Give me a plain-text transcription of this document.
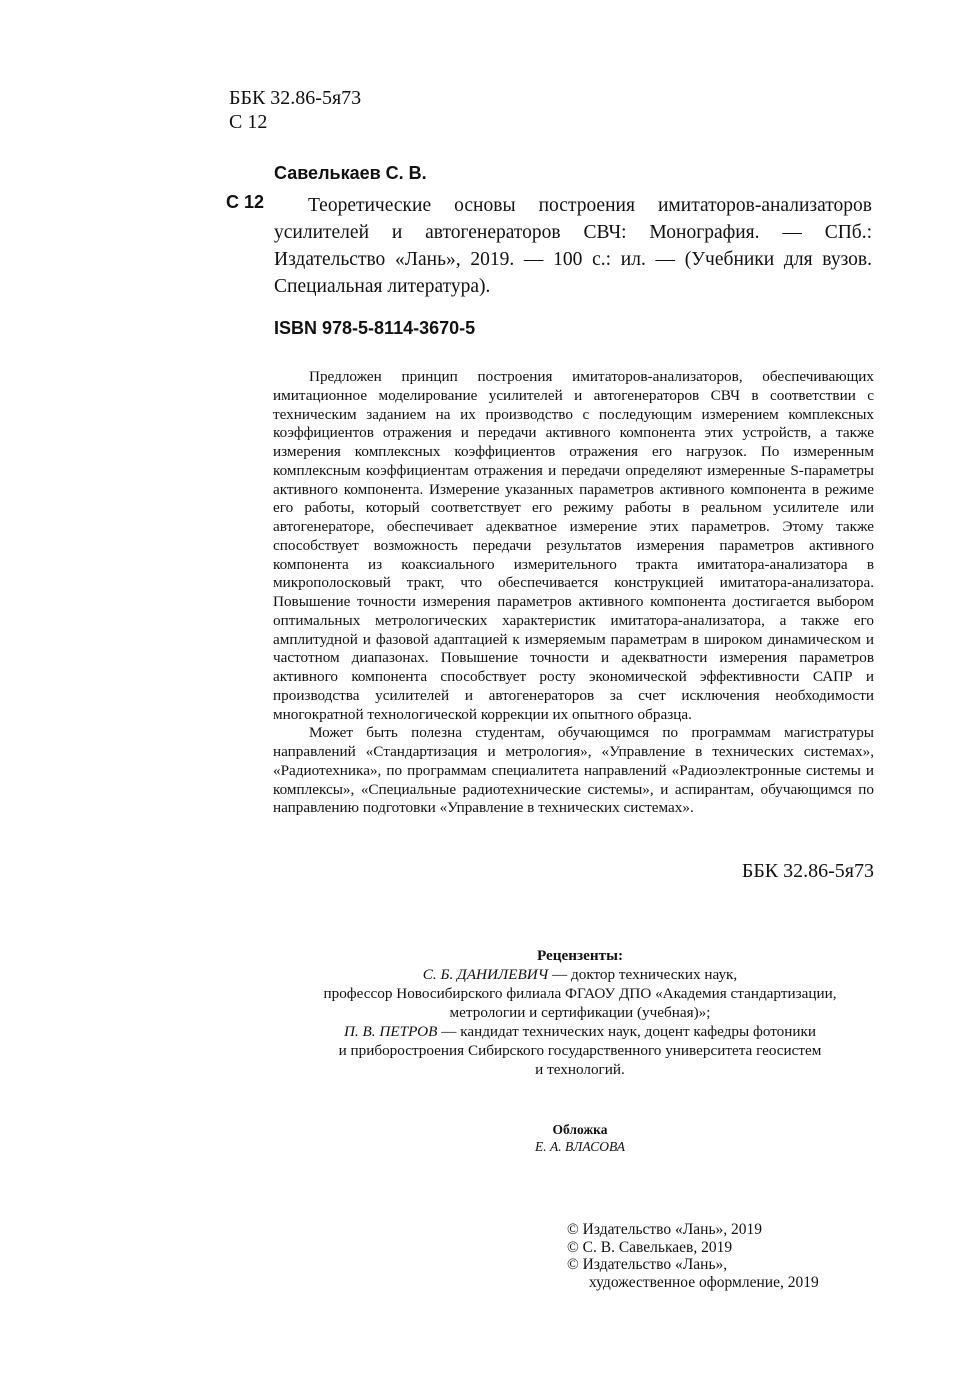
ББК 32.86-5я73
С 12
Савелькаев С. В.
С 12	Теоретические основы построения имитаторов-анализаторов усилителей и автогенераторов СВЧ: Монография. — СПб.: Издательство «Лань», 2019. — 100 с.: ил. — (Учебники для вузов. Специальная литература).
ISBN 978-5-8114-3670-5

Предложен принцип построения имитаторов-анализаторов, обеспечивающих имитационное моделирование усилителей и автогенераторов СВЧ в соответствии с техническим заданием на их производство с последующим измерением комплексных коэффициентов отражения и передачи активного компонента этих устройств, а также измерения комплексных коэффициентов отражения его нагрузок. По измеренным комплексным коэффициентам отражения и передачи определяют измеренные S-параметры активного компонента. Измерение указанных параметров активного компонента в режиме его работы, который соответствует его режиму работы в реальном усилителе или автогенераторе, обеспечивает адекватное измерение этих параметров. Этому также способствует возможность передачи результатов измерения параметров активного компонента из коаксиального измерительного тракта имитатора-анализатора в микрополосковый тракт, что обеспечивается конструкцией имитатора-анализатора. Повышение точности измерения параметров активного компонента достигается выбором оптимальных метрологических характеристик имитатора-анализатора, а также его амплитудной и фазовой адаптацией к измеряемым параметрам в широком динамическом и частотном диапазонах. Повышение точности и адекватности измерения параметров активного компонента способствует росту экономической эффективности САПР и производства усилителей и автогенераторов за счет исключения необходимости многократной технологической коррекции их опытного образца.

Может быть полезна студентам, обучающимся по программам магистратуры направлений «Стандартизация и метрология», «Управление в технических системах», «Радиотехника», по программам специалитета направлений «Радиоэлектронные системы и комплексы», «Специальные радиотехнические системы», и аспирантам, обучающимся по направлению подготовки «Управление в технических системах».

ББК 32.86-5я73
Рецензенты:
С. Б. ДАНИЛЕВИЧ — доктор технических наук,
профессор Новосибирского филиала ФГАОУ ДПО «Академия стандартизации,
метрологии и сертификации (учебная)»;
П. В. ПЕТРОВ — кандидат технических наук, доцент кафедры фотоники
и приборостроения Сибирского государственного университета геосистем
и технологий.
Обложка
Е. А. ВЛАСОВА
© Издательство «Лань», 2019
© С. В. Савелькаев, 2019
© Издательство «Лань»,
художественное оформление, 2019
